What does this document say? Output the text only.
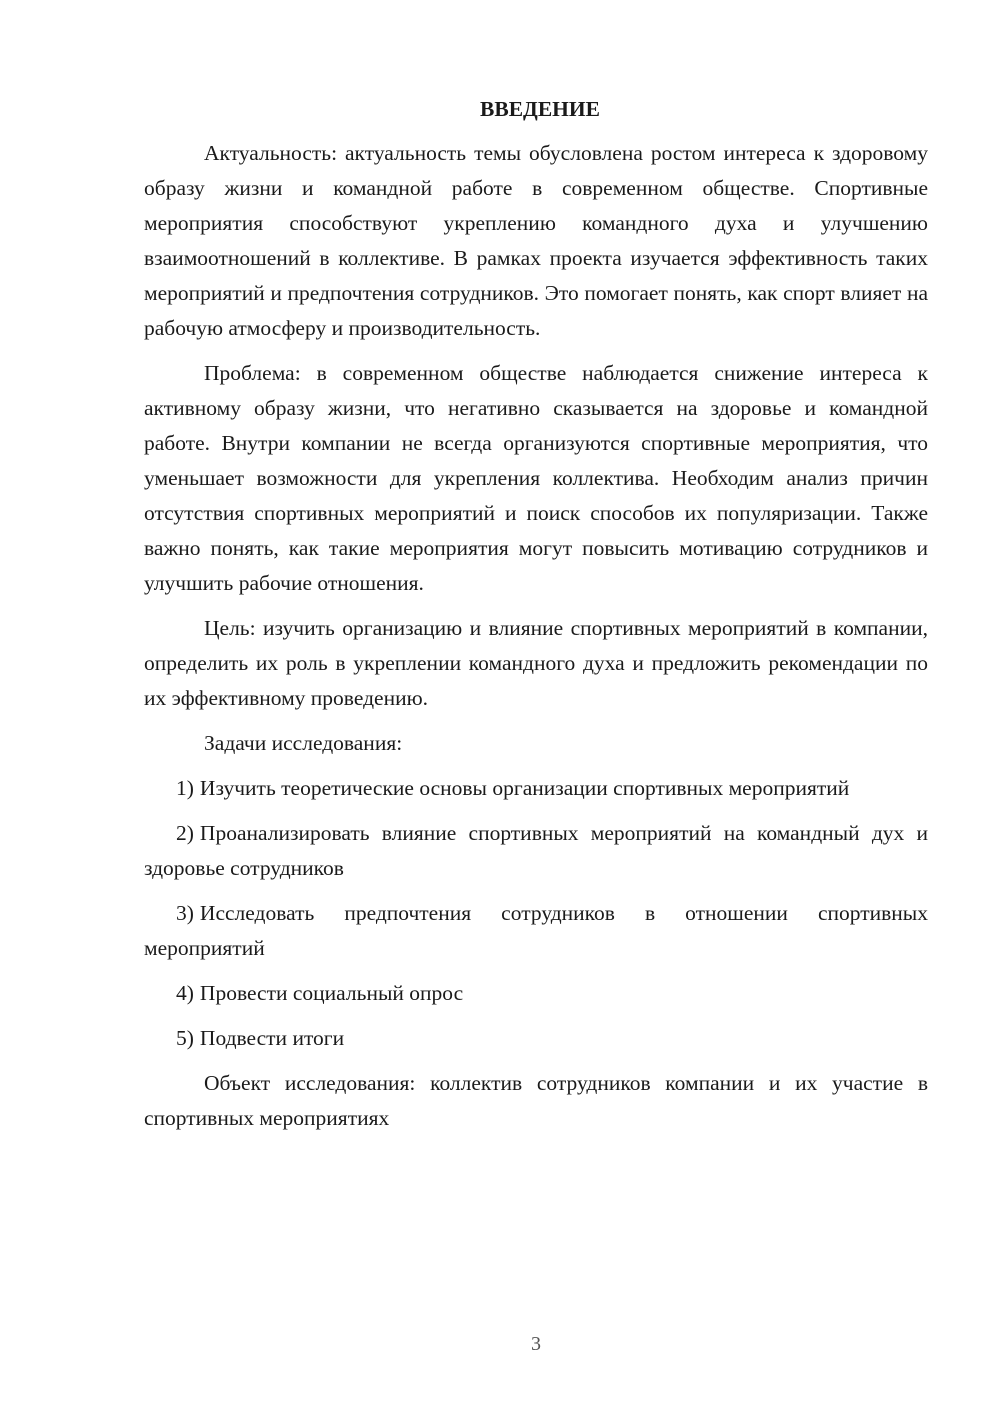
ВВЕДЕНИЕ

Актуальность: актуальность темы обусловлена ростом интереса к здоровому образу жизни и командной работе в современном обществе. Спортивные мероприятия способствуют укреплению командного духа и улучшению взаимоотношений в коллективе. В рамках проекта изучается эффективность таких мероприятий и предпочтения сотрудников. Это помогает понять, как спорт влияет на рабочую атмосферу и производительность.

Проблема: в современном обществе наблюдается снижение интереса к активному образу жизни, что негативно сказывается на здоровье и командной работе. Внутри компании не всегда организуются спортивные мероприятия, что уменьшает возможности для укрепления коллектива. Необходим анализ причин отсутствия спортивных мероприятий и поиск способов их популяризации. Также важно понять, как такие мероприятия могут повысить мотивацию сотрудников и улучшить рабочие отношения.

Цель: изучить организацию и влияние спортивных мероприятий в компании, определить их роль в укреплении командного духа и предложить рекомендации по их эффективному проведению.

Задачи исследования:

1) Изучить теоретические основы организации спортивных мероприятий

2) Проанализировать влияние спортивных мероприятий на командный дух и здоровье сотрудников

3) Исследовать предпочтения сотрудников в отношении спортивных мероприятий

4) Провести социальный опрос

5) Подвести итоги

Объект исследования: коллектив сотрудников компании и их участие в спортивных мероприятиях

3
